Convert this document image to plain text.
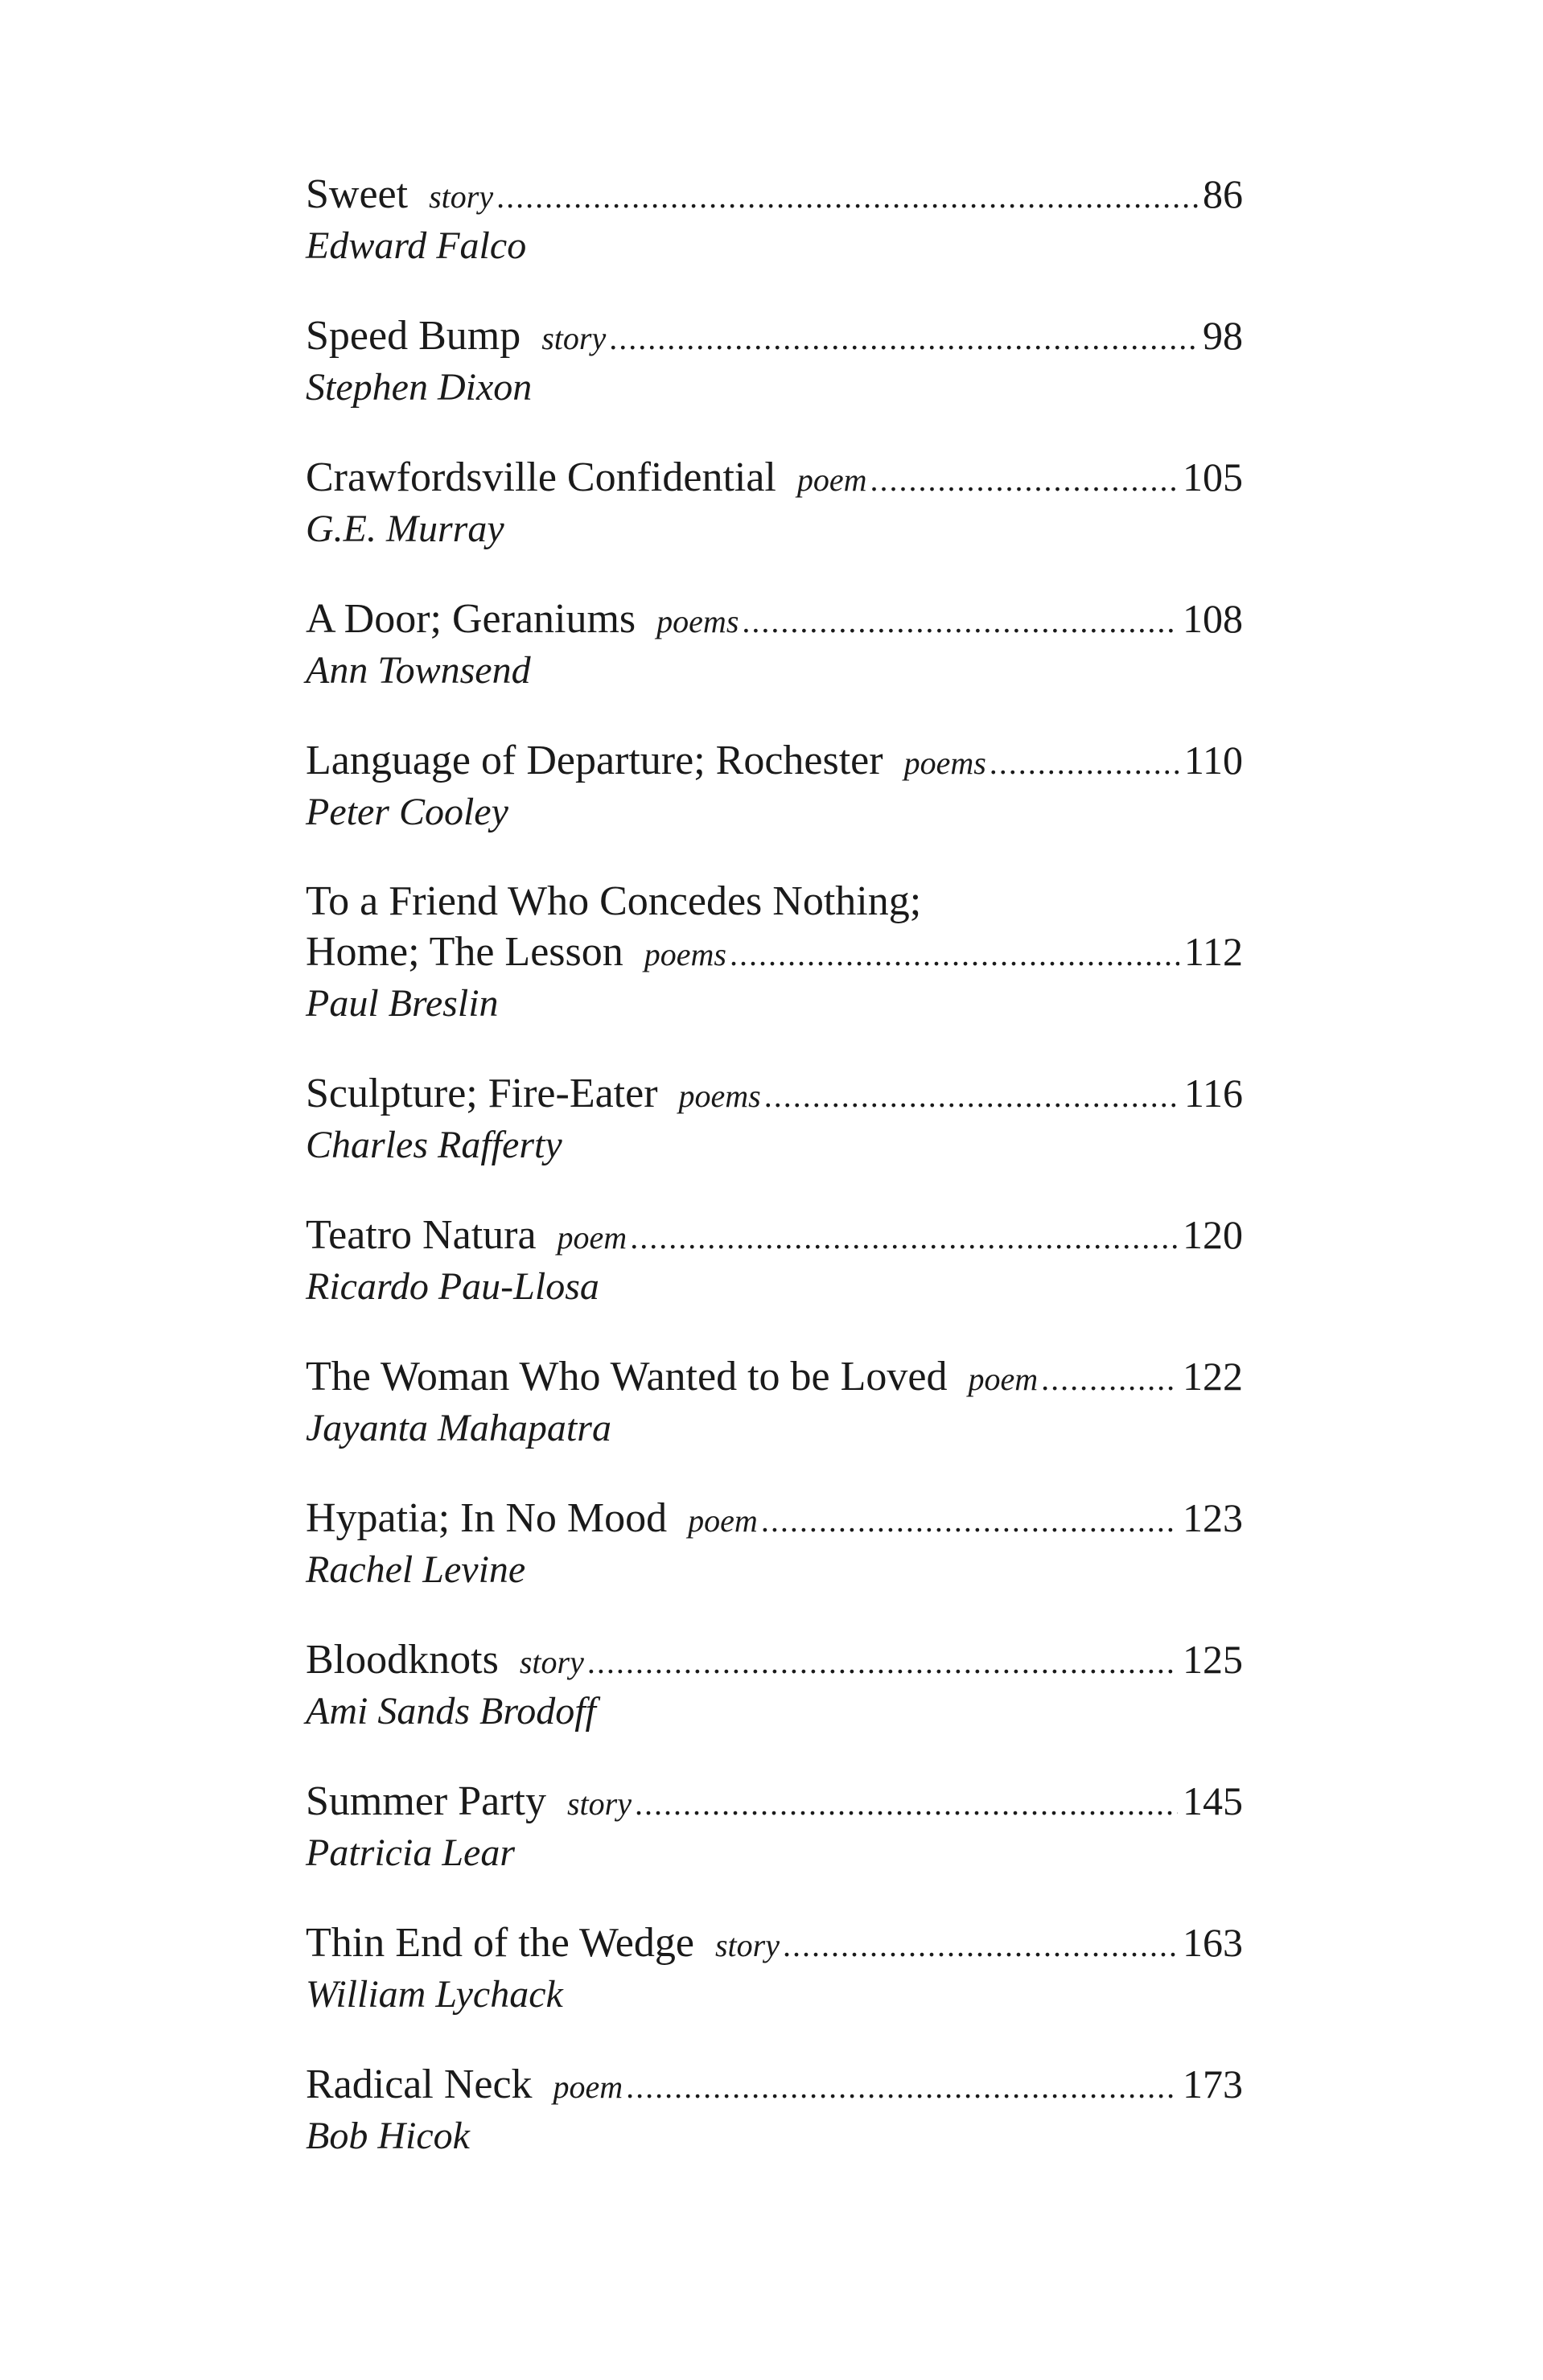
Sweet story .....	86
Edward Falco
Speed Bump story .....	98
Stephen Dixon
Crawfordsville Confidential poem .....	105
G.E. Murray
A Door; Geraniums poems .....	108
Ann Townsend
Language of Departure; Rochester poems .....	110
Peter Cooley
To a Friend Who Concedes Nothing;
Home; The Lesson poems .....	112
Paul Breslin
Sculpture; Fire-Eater poems .....	116
Charles Rafferty
Teatro Natura poem .....	120
Ricardo Pau-Llosa
The Woman Who Wanted to be Loved poem .....	122
Jayanta Mahapatra
Hypatia; In No Mood poem .....	123
Rachel Levine
Bloodknots story .....	125
Ami Sands Brodoff
Summer Party story .....	145
Patricia Lear
Thin End of the Wedge story .....	163
William Lychack
Radical Neck poem .....	173
Bob Hicok
